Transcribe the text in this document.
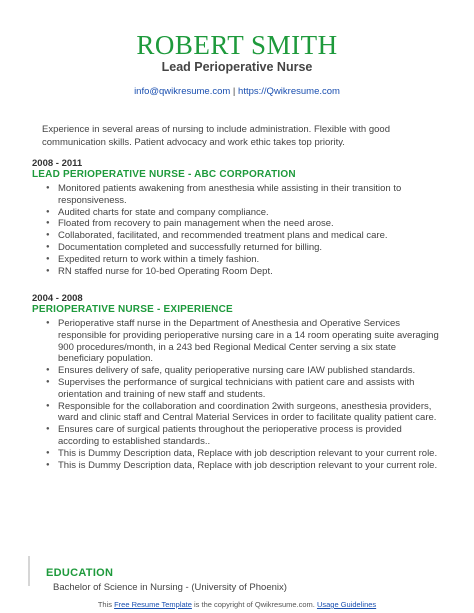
ROBERT SMITH
Lead Perioperative Nurse
info@qwikresume.com | https://Qwikresume.com
Experience in several areas of nursing to include administration. Flexible with good communication skills. Patient advocacy and work ethic takes top priority.
2008 - 2011
LEAD PERIOPERATIVE NURSE - ABC CORPORATION
● Monitored patients awakening from anesthesia while assisting in their transition to responsiveness.
● Audited charts for state and company compliance.
● Floated from recovery to pain management when the need arose.
● Collaborated, facilitated, and recommended treatment plans and medical care.
● Documentation completed and successfully returned for billing.
● Expedited return to work within a timely fashion.
● RN staffed nurse for 10-bed Operating Room Dept.
2004 - 2008
PERIOPERATIVE NURSE - EXIPERIENCE
● Perioperative staff nurse in the Department of Anesthesia and Operative Services responsible for providing perioperative nursing care in a 14 room operating suite averaging 900 procedures/month, in a 243 bed Regional Medical Center serving a six state beneficiary population.
● Ensures delivery of safe, quality perioperative nursing care IAW published standards.
● Supervises the performance of surgical technicians with patient care and assists with orientation and training of new staff and students.
● Responsible for the collaboration and coordination 2with surgeons, anesthesia providers, ward and clinic staff and Central Material Services in order to facilitate quality patient care.
● Ensures care of surgical patients throughout the perioperative process is provided according to established standards..
● This is Dummy Description data, Replace with job description relevant to your current role.
● This is Dummy Description data, Replace with job description relevant to your current role.
EDUCATION
Bachelor of Science in Nursing - (University of Phoenix)
This Free Resume Template is the copyright of Qwikresume.com. Usage Guidelines
